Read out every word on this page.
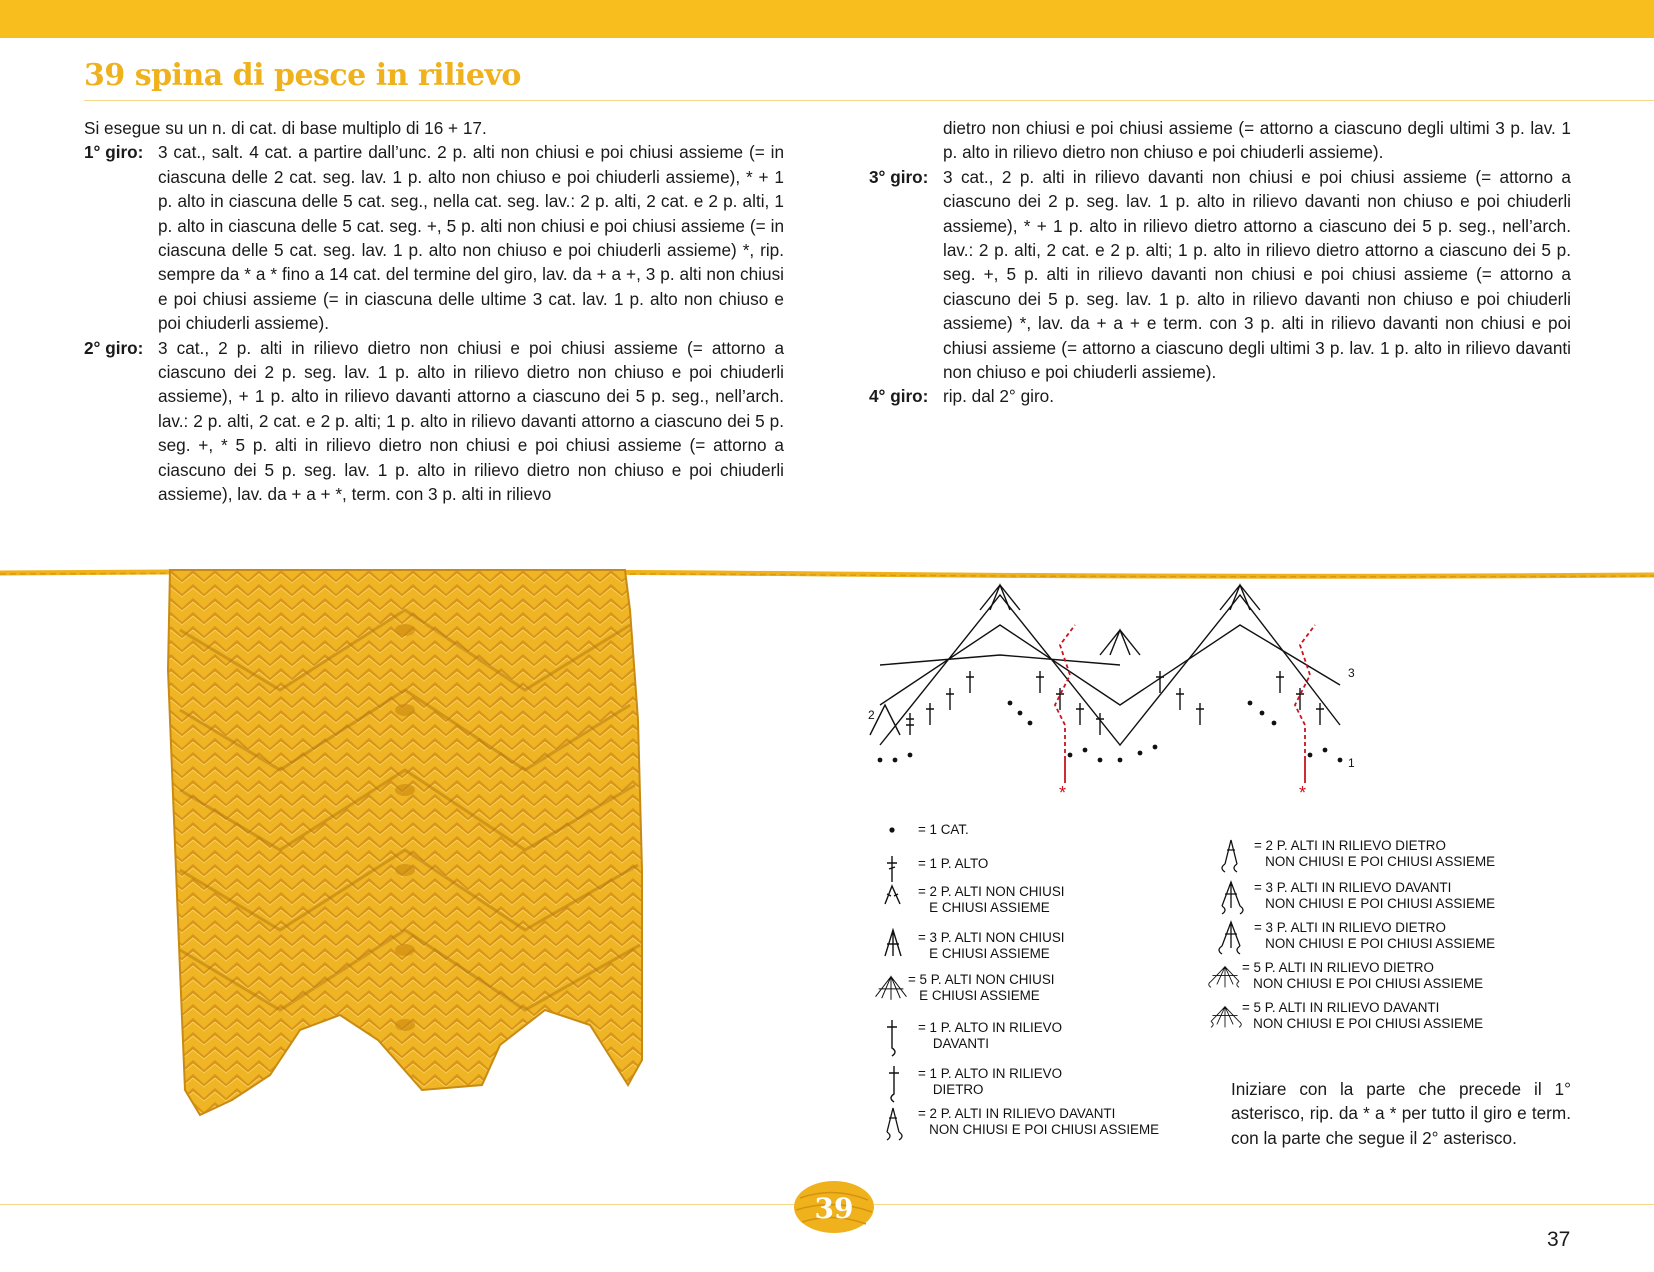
39 spina di pesce in rilievo

Si esegue su un n. di cat. di base multiplo di 16 + 17.

1° giro: 3 cat., salt. 4 cat. a partire dall’unc. 2 p. alti non chiusi e poi chiusi assieme (= in ciascuna delle 2 cat. seg. lav. 1 p. alto non chiuso e poi chiuderli assieme), * + 1 p. alto in ciascuna delle 5 cat. seg., nella cat. seg. lav.: 2 p. alti, 2 cat. e 2 p. alti, 1 p. alto in ciascuna delle 5 cat. seg. +, 5 p. alti non chiusi e poi chiusi assieme (= in ciascuna delle 5 cat. seg. lav. 1 p. alto non chiuso e poi chiuderli assieme) *, rip. sempre da * a * fino a 14 cat. del termine del giro, lav. da + a +, 3 p. alti non chiusi e poi chiusi assieme (= in ciascuna delle ultime 3 cat. lav. 1 p. alto non chiuso e poi chiuderli assieme).

2° giro: 3 cat., 2 p. alti in rilievo dietro non chiusi e poi chiusi assieme (= attorno a ciascuno dei 2 p. seg. lav. 1 p. alto in rilievo dietro non chiuso e poi chiuderli assieme), + 1 p. alto in rilievo davanti attorno a ciascuno dei 5 p. seg., nell’arch. lav.: 2 p. alti, 2 cat. e 2 p. alti; 1 p. alto in rilievo davanti attorno a ciascuno dei 5 p. seg. +, * 5 p. alti in rilievo dietro non chiusi e poi chiusi assieme (= attorno a ciascuno dei 5 p. seg. lav. 1 p. alto in rilievo dietro non chiuso e poi chiuderli assieme), lav. da + a + *, term. con 3 p. alti in rilievo

dietro non chiusi e poi chiusi assieme (= attorno a ciascuno degli ultimi 3 p. lav. 1 p. alto in rilievo dietro non chiuso e poi chiuderli assieme).

3° giro: 3 cat., 2 p. alti in rilievo davanti non chiusi e poi chiusi assieme (= attorno a ciascuno dei 2 p. seg. lav. 1 p. alto in rilievo davanti non chiuso e poi chiuderli assieme), * + 1 p. alto in rilievo dietro attorno a ciascuno dei 5 p. seg., nell’arch. lav.: 2 p. alti, 2 cat. e 2 p. alti; 1 p. alto in rilievo dietro attorno a ciascuno dei 5 p. seg. +, 5 p. alti in rilievo davanti non chiusi e poi chiusi assieme (= attorno a ciascuno dei 5 p. seg. lav. 1 p. alto in rilievo davanti non chiuso e poi chiuderli assieme) *, lav. da + a + e term. con 3 p. alti in rilievo davanti non chiusi e poi chiusi assieme (= attorno a ciascuno degli ultimi 3 p. lav. 1 p. alto in rilievo davanti non chiuso e poi chiuderli assieme).

4° giro: rip. dal 2° giro.

*	*
3
2
1
= 1 CAT.
= 1 P. ALTO
= 2 P. ALTI NON CHIUSI
E CHIUSI ASSIEME
= 3 P. ALTI NON CHIUSI
E CHIUSI ASSIEME
= 5 P. ALTI NON CHIUSI
E CHIUSI ASSIEME
= 1 P. ALTO IN RILIEVO
DAVANTI
= 1 P. ALTO IN RILIEVO
DIETRO
= 2 P. ALTI IN RILIEVO DAVANTI
NON CHIUSI E POI CHIUSI ASSIEME
= 2 P. ALTI IN RILIEVO DIETRO
NON CHIUSI E POI CHIUSI ASSIEME
= 3 P. ALTI IN RILIEVO DAVANTI
NON CHIUSI E POI CHIUSI ASSIEME
= 3 P. ALTI IN RILIEVO DIETRO
NON CHIUSI E POI CHIUSI ASSIEME
= 5 P. ALTI IN RILIEVO DIETRO
NON CHIUSI E POI CHIUSI ASSIEME
= 5 P. ALTI IN RILIEVO DAVANTI
NON CHIUSI E POI CHIUSI ASSIEME
Iniziare con la parte che precede il 1° asterisco, rip. da * a * per tutto il giro e term. con la parte che segue il 2° asterisco.
39
37
